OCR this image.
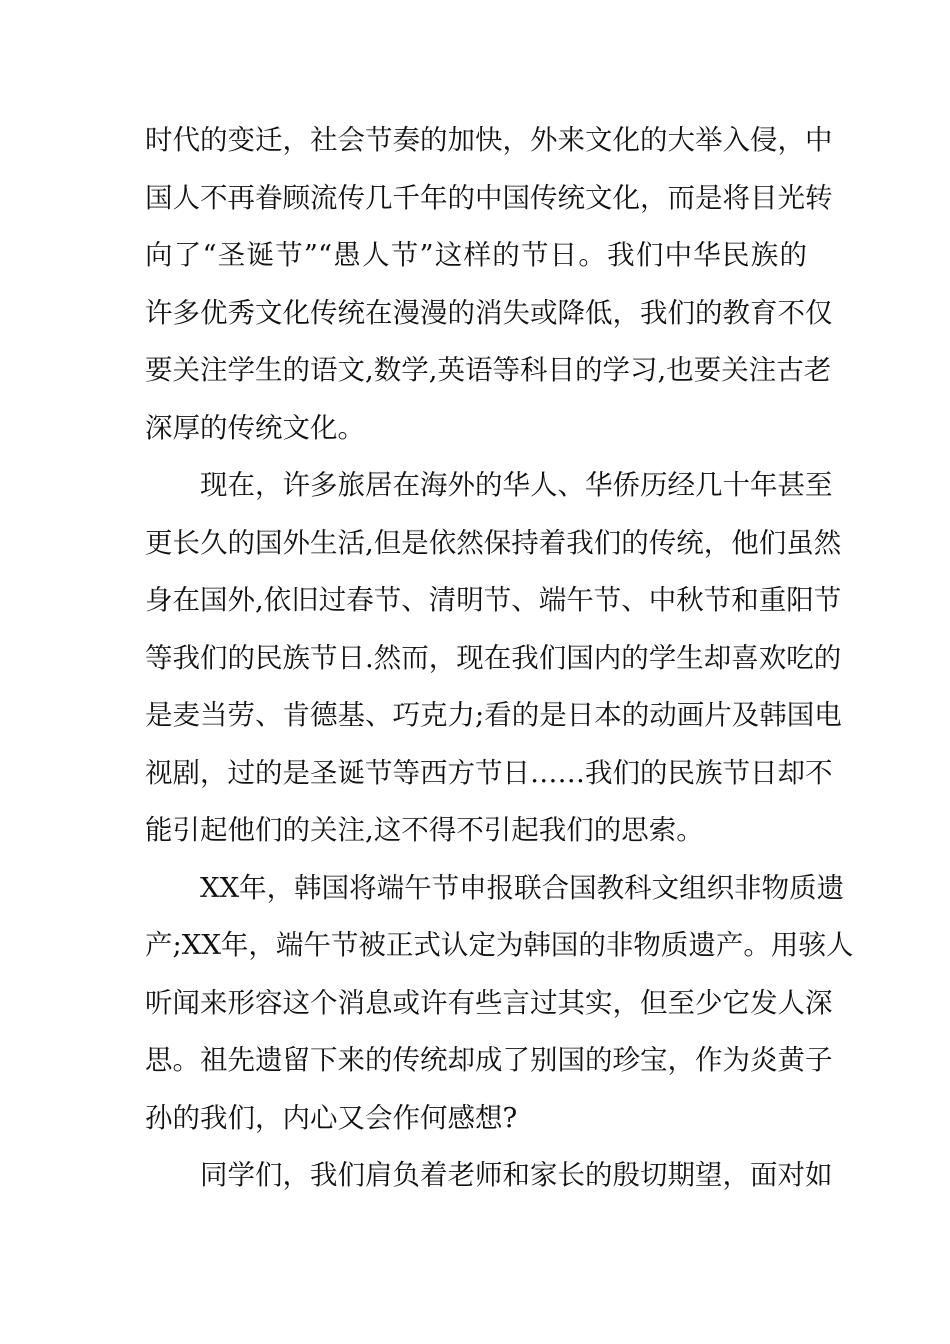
时代的变迁，社会节奏的加快，外来文化的大举入侵，中
国人不再眷顾流传几千年的中国传统文化，而是将目光转
向了“圣诞节”“愚人节”这样的节日。我们中华民族的
许多优秀文化传统在漫漫的消失或降低，我们的教育不仅
要关注学生的语文,数学,英语等科目的学习,也要关注古老
深厚的传统文化。
现在，许多旅居在海外的华人、华侨历经几十年甚至
更长久的国外生活,但是依然保持着我们的传统，他们虽然
身在国外,依旧过春节、清明节、端午节、中秋节和重阳节
等我们的民族节日.然而，现在我们国内的学生却喜欢吃的
是麦当劳、肯德基、巧克力;看的是日本的动画片及韩国电
视剧，过的是圣诞节等西方节日……我们的民族节日却不
能引起他们的关注,这不得不引起我们的思索。
XX年，韩国将端午节申报联合国教科文组织非物质遗
产;XX年，端午节被正式认定为韩国的非物质遗产。用骇人
听闻来形容这个消息或许有些言过其实，但至少它发人深
思。祖先遗留下来的传统却成了别国的珍宝，作为炎黄子
孙的我们，内心又会作何感想?
同学们，我们肩负着老师和家长的殷切期望，面对如
